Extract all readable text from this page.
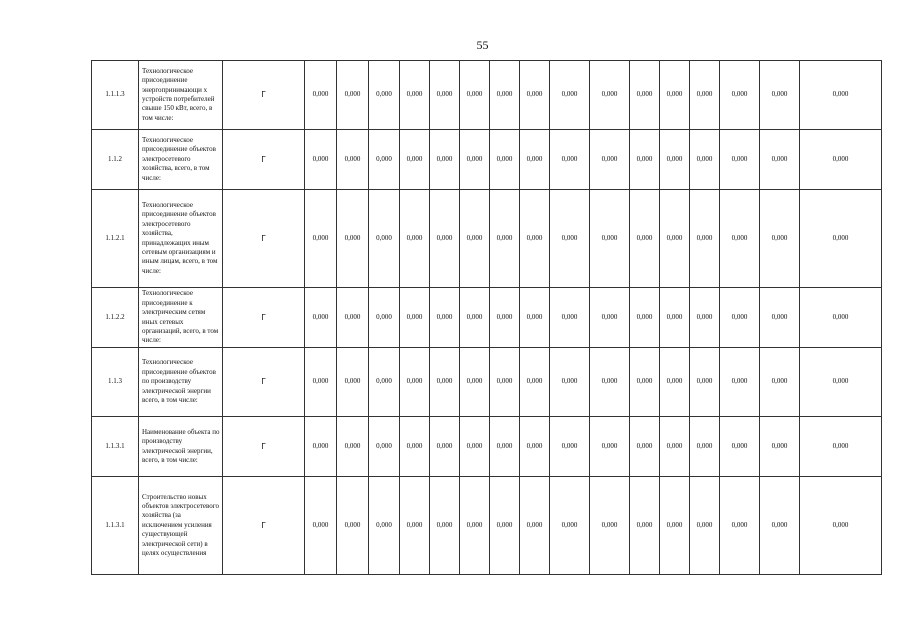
55
1.1.1.3	Технологическое присоединение энергопринимающи х устройств потребителей свыше 150 кВт, всего, в том числе:	Г	0,000	0,000	0,000	0,000	0,000	0,000	0,000	0,000	0,000	0,000	0,000	0,000	0,000	0,000	0,000	0,000
1.1.2	Технологическое присоединение объектов электросетевого хозяйства, всего, в том числе:	Г	0,000	0,000	0,000	0,000	0,000	0,000	0,000	0,000	0,000	0,000	0,000	0,000	0,000	0,000	0,000	0,000
1.1.2.1	Технологическое присоединение объектов электросетевого хозяйства, принадлежащих иным сетевым организациям и иным лицам, всего, в том числе:	Г	0,000	0,000	0,000	0,000	0,000	0,000	0,000	0,000	0,000	0,000	0,000	0,000	0,000	0,000	0,000	0,000
1.1.2.2	Технологическое присоединение к электрическим сетям иных сетевых организаций, всего, в том числе:	Г	0,000	0,000	0,000	0,000	0,000	0,000	0,000	0,000	0,000	0,000	0,000	0,000	0,000	0,000	0,000	0,000
1.1.3	Технологическое присоединение объектов по производству электрической энергии всего, в том числе:	Г	0,000	0,000	0,000	0,000	0,000	0,000	0,000	0,000	0,000	0,000	0,000	0,000	0,000	0,000	0,000	0,000
1.1.3.1	Наименование объекта по производству электрической энергии, всего, в том числе:	Г	0,000	0,000	0,000	0,000	0,000	0,000	0,000	0,000	0,000	0,000	0,000	0,000	0,000	0,000	0,000	0,000
1.1.3.1	Строительство новых объектов электросетевого хозяйства (за исключением усиления существующей электрической сети) в целях осуществления	Г	0,000	0,000	0,000	0,000	0,000	0,000	0,000	0,000	0,000	0,000	0,000	0,000	0,000	0,000	0,000	0,000
